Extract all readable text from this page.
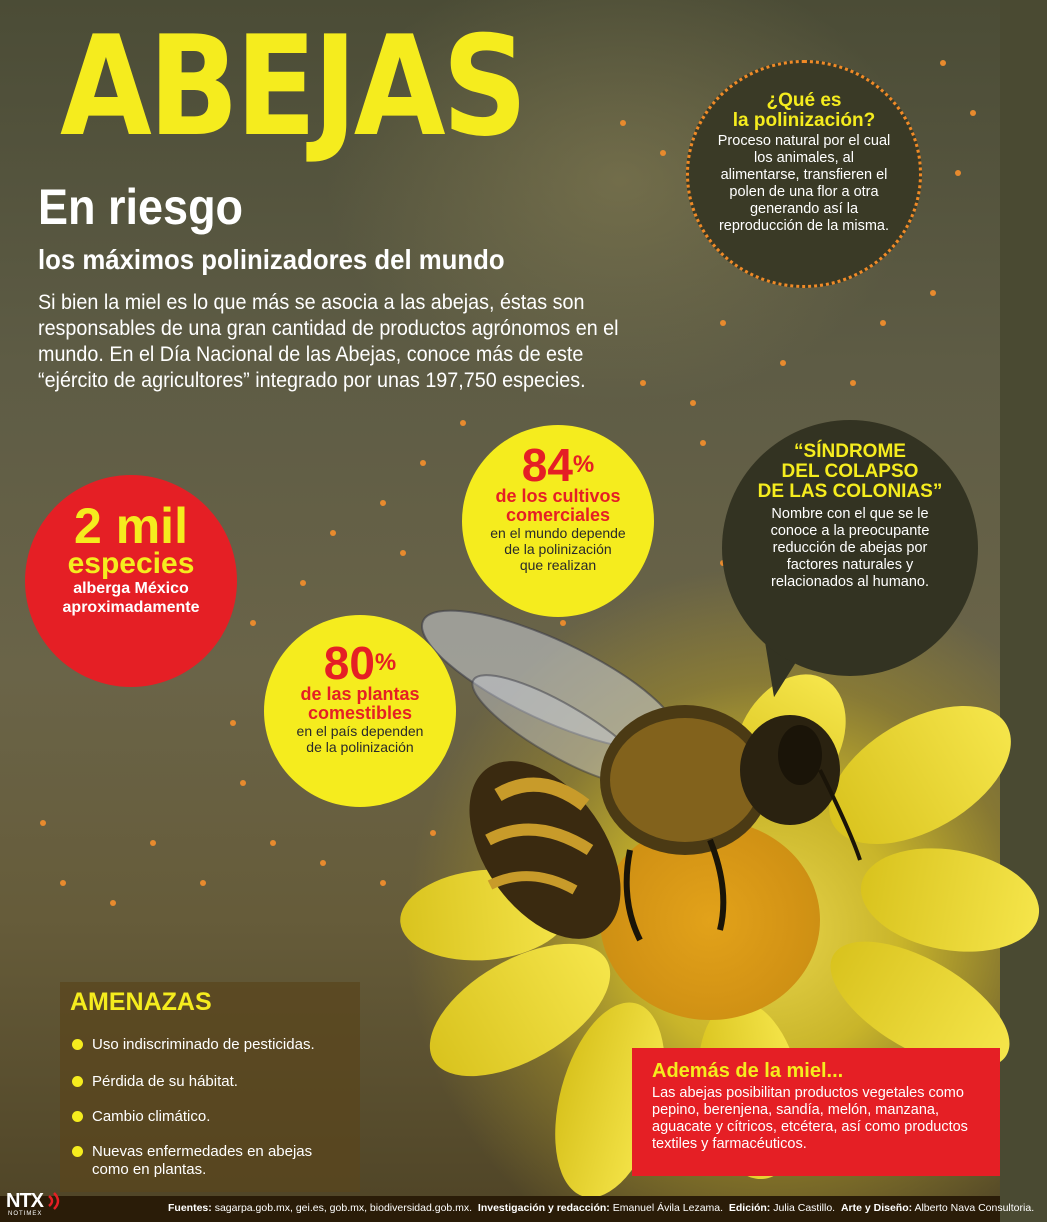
ABEJAS
En riesgo
los máximos polinizadores del mundo
Si bien la miel es lo que más se asocia a las abejas, éstas son responsables de una gran cantidad de productos agrónomos en el mundo. En el Día Nacional de las Abejas, conoce más de este “ejército de agricultores” integrado por unas 197,750 especies.
¿Qué es
la polinización?
Proceso natural por el cual los animales, al alimentarse, transfieren el polen de una flor a otra generando así la reproducción de la misma.
2 mil
especies
alberga México
aproximadamente
84%
de los cultivos
comerciales
en el mundo depende
de la polinización
que realizan
80%
de las plantas
comestibles
en el país dependen
de la polinización
“SÍNDROME
DEL COLAPSO
DE LAS COLONIAS”
Nombre con el que se le conoce a la preocupante reducción de abejas por factores naturales y relacionados al humano.
AMENAZAS
Uso indiscriminado de pesticidas.
Pérdida de su hábitat.
Cambio climático.
Nuevas enfermedades en abejas como en plantas.
Además de la miel...
Las abejas posibilitan productos vegetales como pepino, berenjena, sandía, melón, manzana, aguacate y cítricos, etcétera, así como productos textiles y farmacéuticos.
NTX
NOTIMEX	Fuentes: sagarpa.gob.mx, gei.es, gob.mx, biodiversidad.gob.mx. Investigación y redacción: Emanuel Ávila Lezama. Edición: Julia Castillo. Arte y Diseño: Alberto Nava Consultoria.
